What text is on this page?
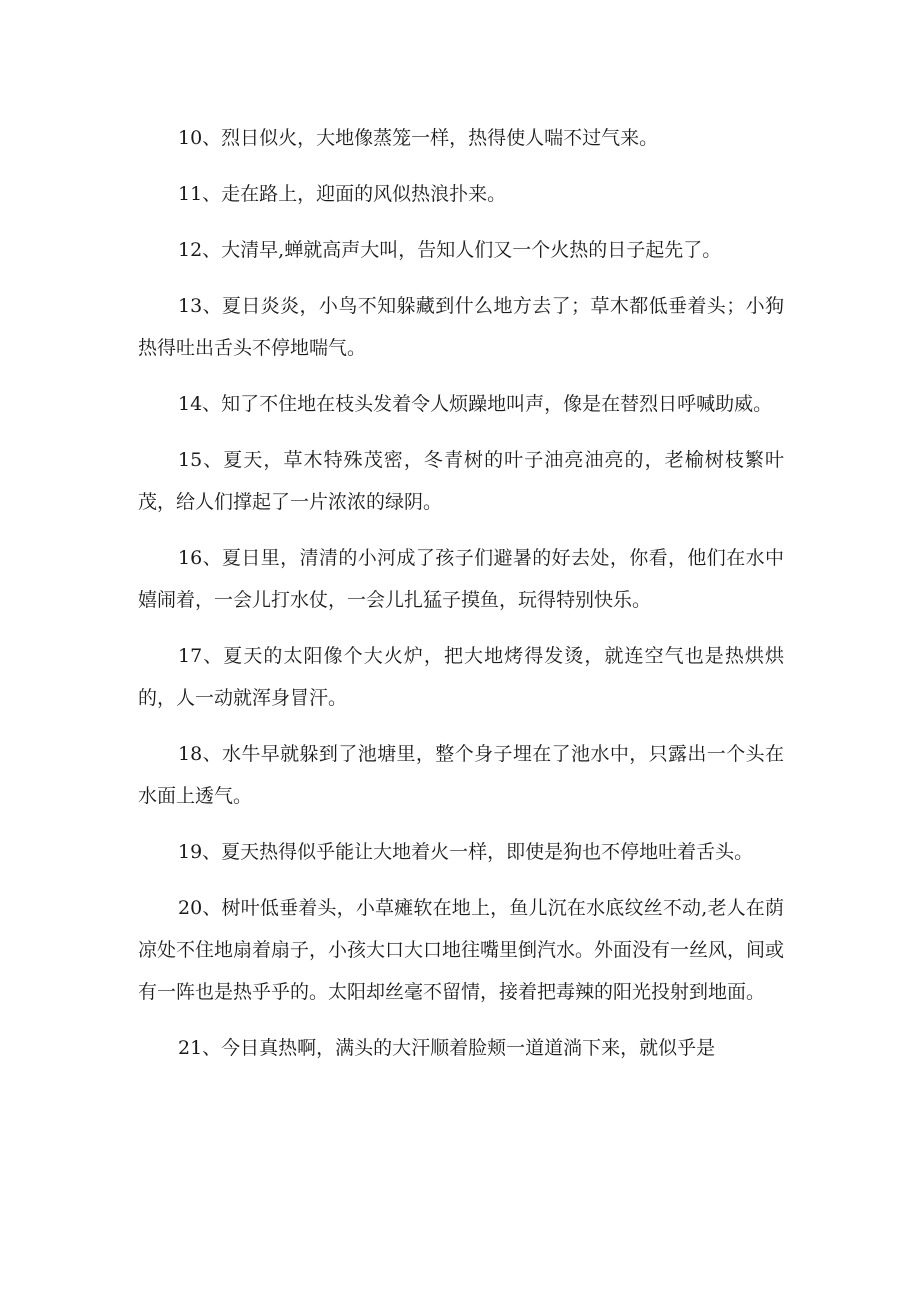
10、烈日似火，大地像蒸笼一样，热得使人喘不过气来。

11、走在路上，迎面的风似热浪扑来。

12、大清早,蝉就高声大叫，告知人们又一个火热的日子起先了。

13、夏日炎炎，小鸟不知躲藏到什么地方去了；草木都低垂着头；小狗热得吐出舌头不停地喘气。

14、知了不住地在枝头发着令人烦躁地叫声，像是在替烈日呼喊助威。

15、夏天，草木特殊茂密，冬青树的叶子油亮油亮的，老榆树枝繁叶茂，给人们撑起了一片浓浓的绿阴。

16、夏日里，清清的小河成了孩子们避暑的好去处，你看，他们在水中嬉闹着，一会儿打水仗，一会儿扎猛子摸鱼，玩得特别快乐。

17、夏天的太阳像个大火炉，把大地烤得发烫，就连空气也是热烘烘的，人一动就浑身冒汗。

18、水牛早就躲到了池塘里，整个身子埋在了池水中，只露出一个头在水面上透气。

19、夏天热得似乎能让大地着火一样，即使是狗也不停地吐着舌头。

20、树叶低垂着头，小草瘫软在地上，鱼儿沉在水底纹丝不动,老人在荫凉处不住地扇着扇子，小孩大口大口地往嘴里倒汽水。外面没有一丝风，间或有一阵也是热乎乎的。太阳却丝毫不留情，接着把毒辣的阳光投射到地面。

21、今日真热啊，满头的大汗顺着脸颊一道道淌下来，就似乎是
